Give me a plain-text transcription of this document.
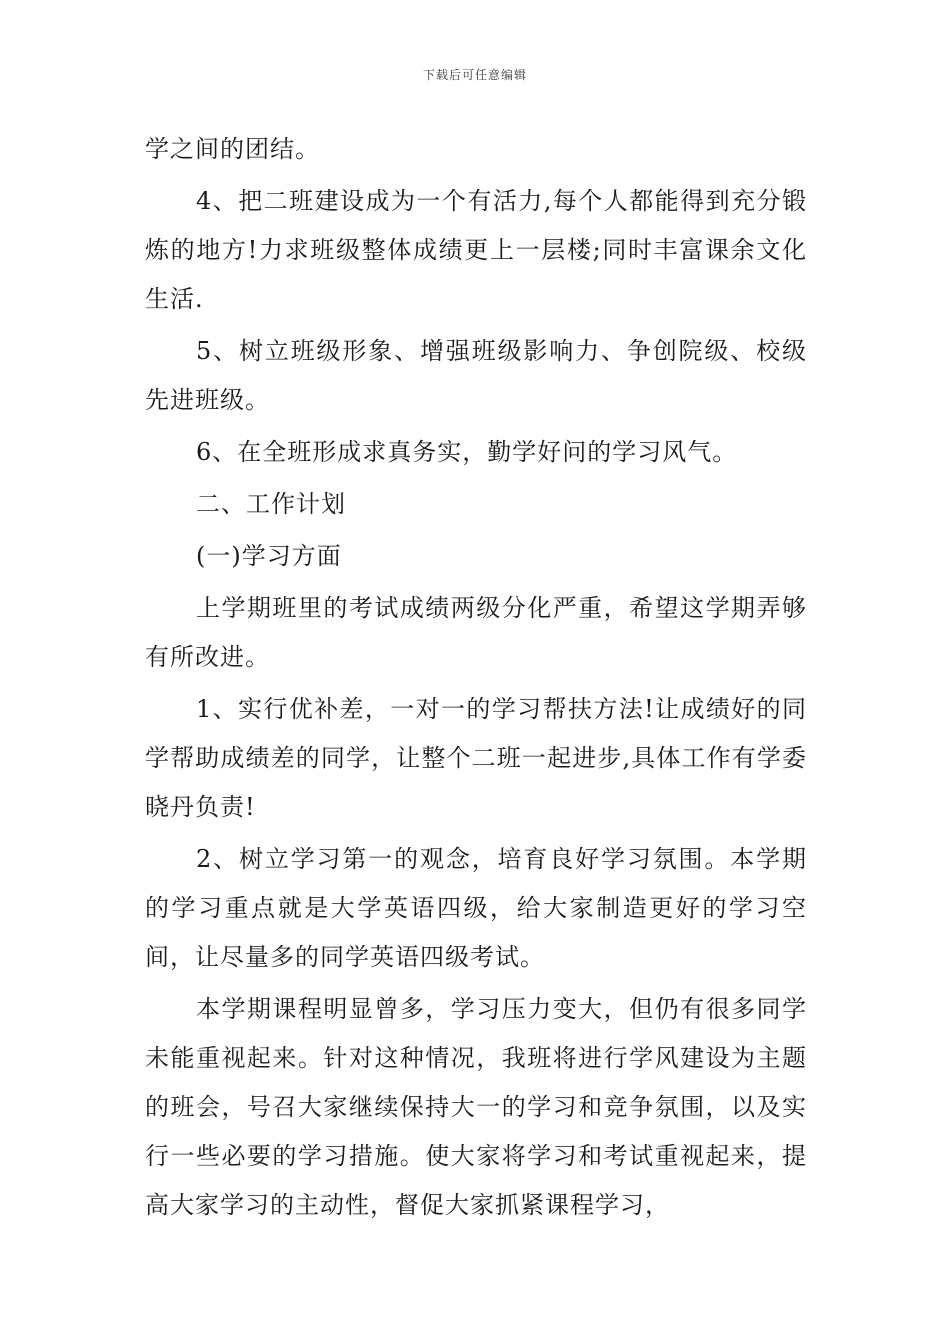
下载后可任意编辑

学之间的团结。

4、把二班建设成为一个有活力,每个人都能得到充分锻炼的地方!力求班级整体成绩更上一层楼;同时丰富课余文化生活.

5、树立班级形象、增强班级影响力、争创院级、校级先进班级。

6、在全班形成求真务实，勤学好问的学习风气。

二、工作计划

(一)学习方面

上学期班里的考试成绩两级分化严重，希望这学期弄够有所改进。

1、实行优补差，一对一的学习帮扶方法!让成绩好的同学帮助成绩差的同学，让整个二班一起进步,具体工作有学委晓丹负责!

2、树立学习第一的观念，培育良好学习氛围。本学期的学习重点就是大学英语四级，给大家制造更好的学习空间，让尽量多的同学英语四级考试。

本学期课程明显曾多，学习压力变大，但仍有很多同学未能重视起来。针对这种情况，我班将进行学风建设为主题的班会，号召大家继续保持大一的学习和竞争氛围，以及实行一些必要的学习措施。使大家将学习和考试重视起来，提高大家学习的主动性，督促大家抓紧课程学习，
